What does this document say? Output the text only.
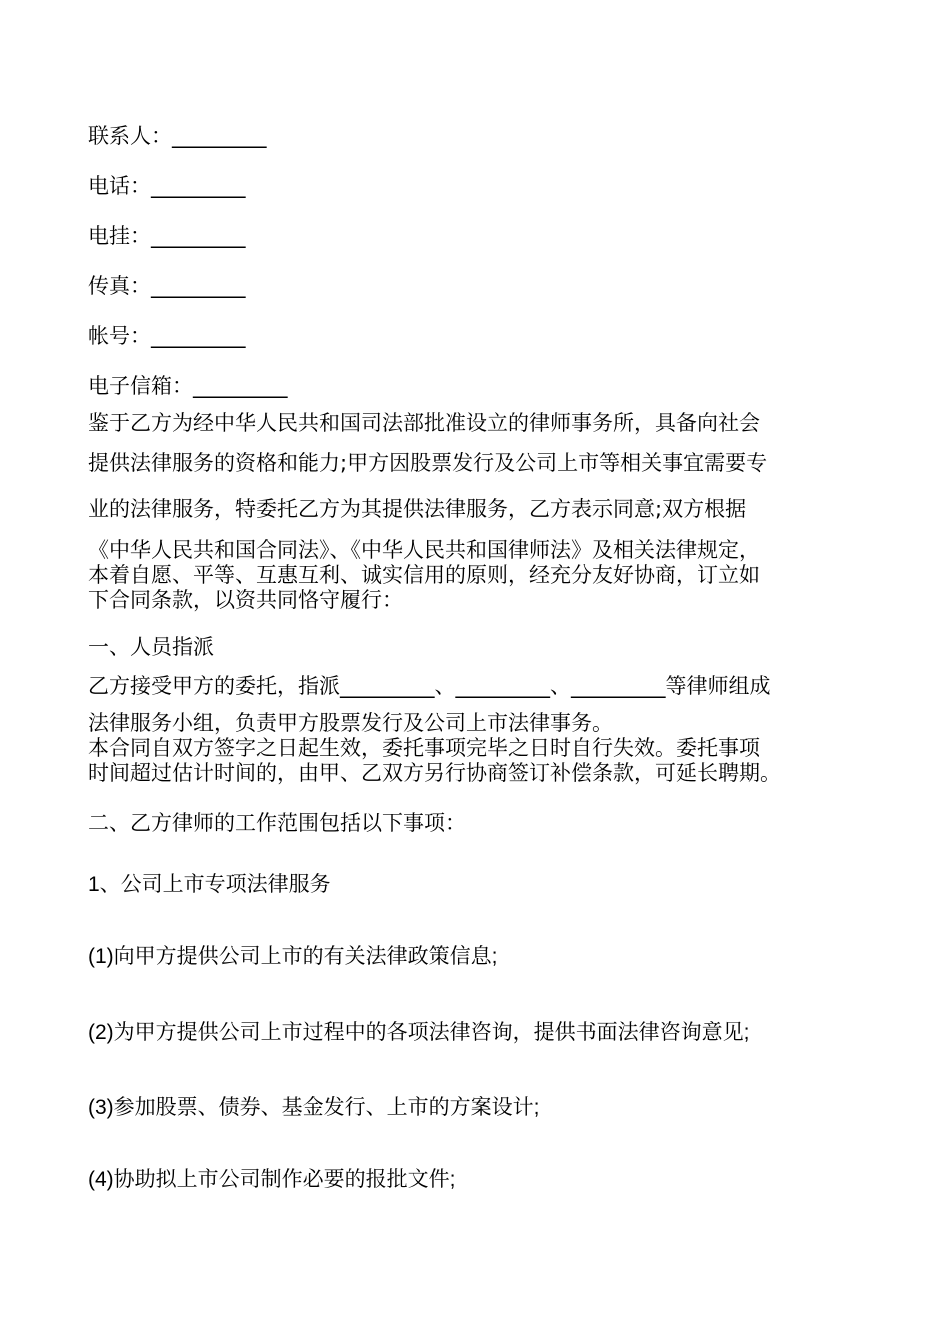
联系人：_________

电话：_________

电挂：_________

传真：_________

帐号：_________

电子信箱：_________

鉴于乙方为经中华人民共和国司法部批准设立的律师事务所，具备向社会

提供法律服务的资格和能力;甲方因股票发行及公司上市等相关事宜需要专

业的法律服务，特委托乙方为其提供法律服务，乙方表示同意;双方根据

《中华人民共和国合同法》、《中华人民共和国律师法》及相关法律规定，

本着自愿、平等、互惠互利、诚实信用的原则，经充分友好协商，订立如

下合同条款，以资共同恪守履行：

一、人员指派

乙方接受甲方的委托，指派_________、_________、_________等律师组成

法律服务小组，负责甲方股票发行及公司上市法律事务。

本合同自双方签字之日起生效，委托事项完毕之日时自行失效。委托事项

时间超过估计时间的，由甲、乙双方另行协商签订补偿条款，可延长聘期。

二、乙方律师的工作范围包括以下事项：

1、公司上市专项法律服务

(1)向甲方提供公司上市的有关法律政策信息;

(2)为甲方提供公司上市过程中的各项法律咨询，提供书面法律咨询意见;

(3)参加股票、债券、基金发行、上市的方案设计;

(4)协助拟上市公司制作必要的报批文件;
